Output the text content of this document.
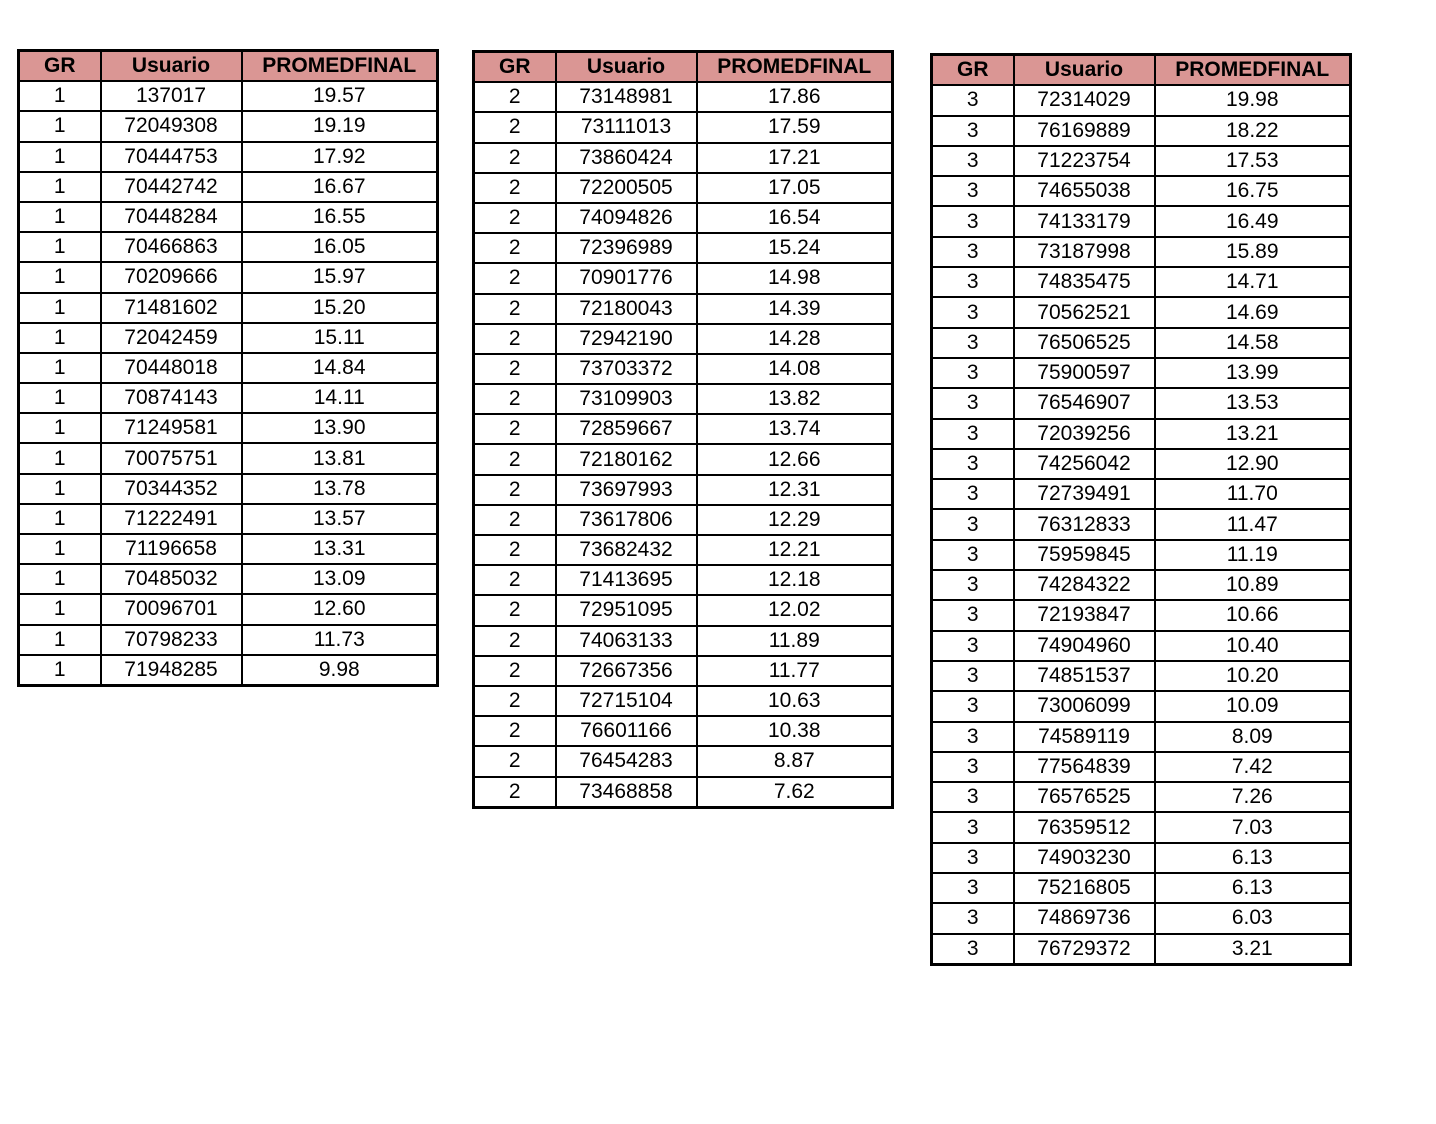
GR	Usuario	PROMEDFINAL
1	137017	19.57
1	72049308	19.19
1	70444753	17.92
1	70442742	16.67
1	70448284	16.55
1	70466863	16.05
1	70209666	15.97
1	71481602	15.20
1	72042459	15.11
1	70448018	14.84
1	70874143	14.11
1	71249581	13.90
1	70075751	13.81
1	70344352	13.78
1	71222491	13.57
1	71196658	13.31
1	70485032	13.09
1	70096701	12.60
1	70798233	11.73
1	71948285	9.98
GR	Usuario	PROMEDFINAL
2	73148981	17.86
2	73111013	17.59
2	73860424	17.21
2	72200505	17.05
2	74094826	16.54
2	72396989	15.24
2	70901776	14.98
2	72180043	14.39
2	72942190	14.28
2	73703372	14.08
2	73109903	13.82
2	72859667	13.74
2	72180162	12.66
2	73697993	12.31
2	73617806	12.29
2	73682432	12.21
2	71413695	12.18
2	72951095	12.02
2	74063133	11.89
2	72667356	11.77
2	72715104	10.63
2	76601166	10.38
2	76454283	8.87
2	73468858	7.62
GR	Usuario	PROMEDFINAL
3	72314029	19.98
3	76169889	18.22
3	71223754	17.53
3	74655038	16.75
3	74133179	16.49
3	73187998	15.89
3	74835475	14.71
3	70562521	14.69
3	76506525	14.58
3	75900597	13.99
3	76546907	13.53
3	72039256	13.21
3	74256042	12.90
3	72739491	11.70
3	76312833	11.47
3	75959845	11.19
3	74284322	10.89
3	72193847	10.66
3	74904960	10.40
3	74851537	10.20
3	73006099	10.09
3	74589119	8.09
3	77564839	7.42
3	76576525	7.26
3	76359512	7.03
3	74903230	6.13
3	75216805	6.13
3	74869736	6.03
3	76729372	3.21
